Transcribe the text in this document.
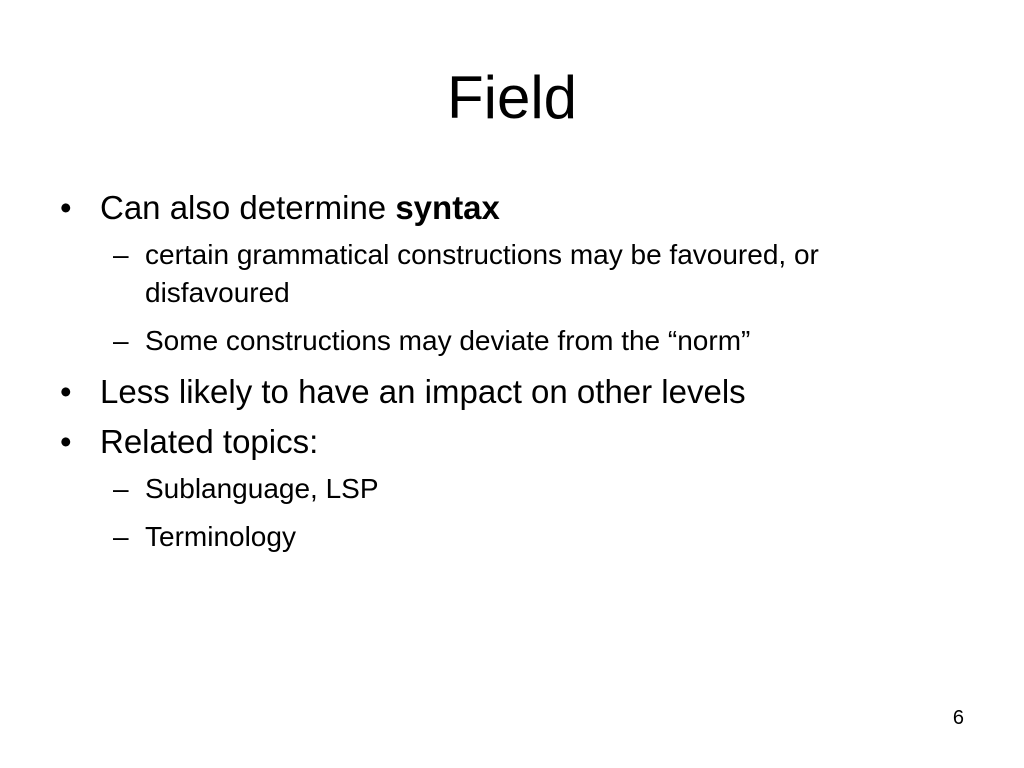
Field
• Can also determine syntax
– certain grammatical constructions may be favoured, or disfavoured
– Some constructions may deviate from the “norm”
• Less likely to have an impact on other levels
• Related topics:
– Sublanguage, LSP
– Terminology
6
